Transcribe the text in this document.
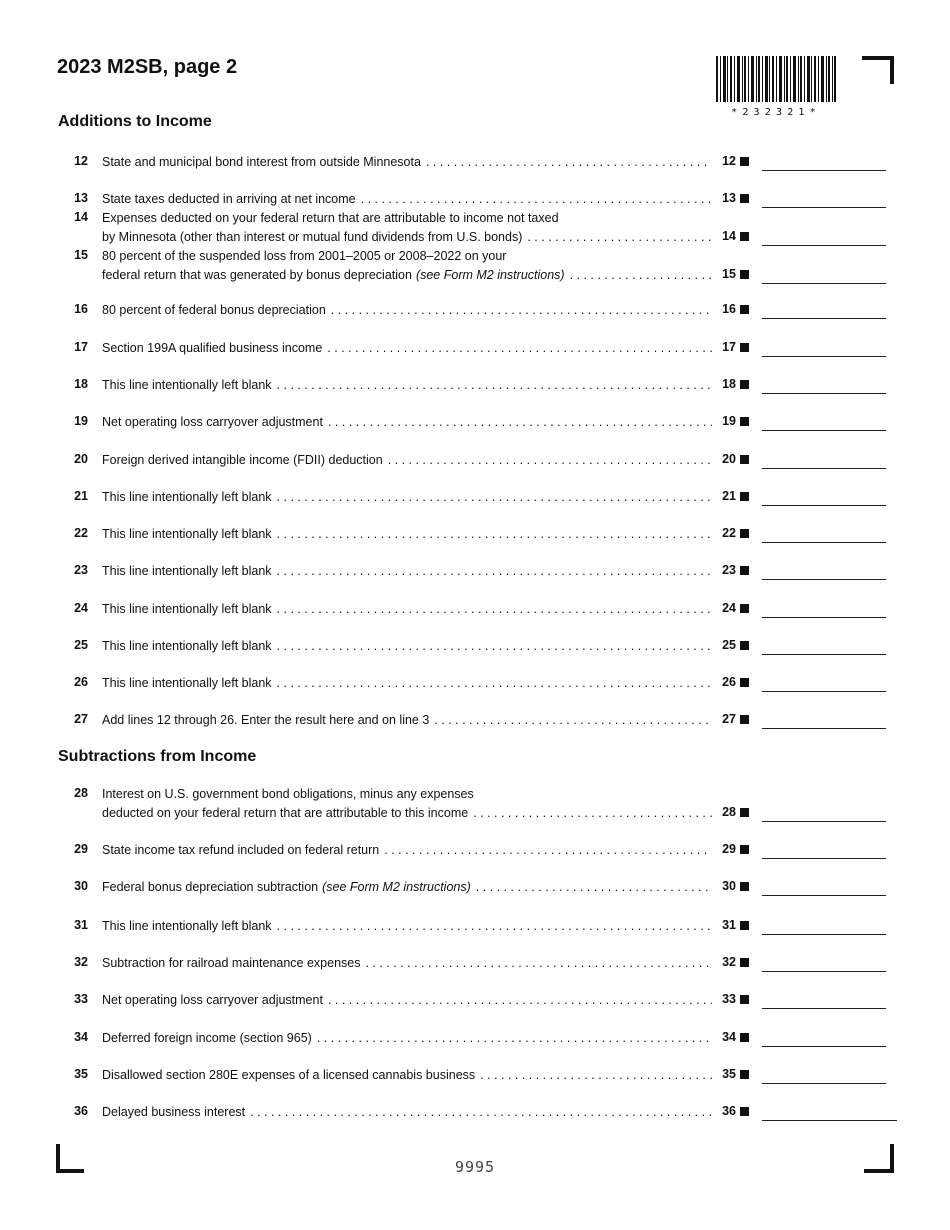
2023 M2SB, page 2
*232321*
Additions to Income
Subtractions from Income
12 State and municipal bond interest from outside Minnesota . . .	12
13 State taxes deducted in arriving at net income . . .	13
14 Expenses deducted on your federal return that are attributable to income not taxed
by Minnesota (other than interest or mutual fund dividends from U.S. bonds) . . .	14
15 80 percent of the suspended loss from 2001–2005 or 2008–2022 on your
federal return that was generated by bonus depreciation (see Form M2 instructions) . . .	15
16 80 percent of federal bonus depreciation . . .	16
17 Section 199A qualified business income . . .	17
18 This line intentionally left blank . . .	18
19 Net operating loss carryover adjustment . . .	19
20 Foreign derived intangible income (FDII) deduction . . .	20
21 This line intentionally left blank . . .	21
22 This line intentionally left blank . . .	22
23 This line intentionally left blank . . .	23
24 This line intentionally left blank . . .	24
25 This line intentionally left blank . . .	25
26 This line intentionally left blank . . .	26
27 Add lines 12 through 26. Enter the result here and on line 3 . . .	27
28 Interest on U.S. government bond obligations, minus any expenses
deducted on your federal return that are attributable to this income . . .	28
29 State income tax refund included on federal return . . .	29
30 Federal bonus depreciation subtraction (see Form M2 instructions) . . .	30
31 This line intentionally left blank . . .	31
32 Subtraction for railroad maintenance expenses . . .	32
33 Net operating loss carryover adjustment . . .	33
34 Deferred foreign income (section 965) . . .	34
35 Disallowed section 280E expenses of a licensed cannabis business . . .	35
36 Delayed business interest . . .	36
9995
